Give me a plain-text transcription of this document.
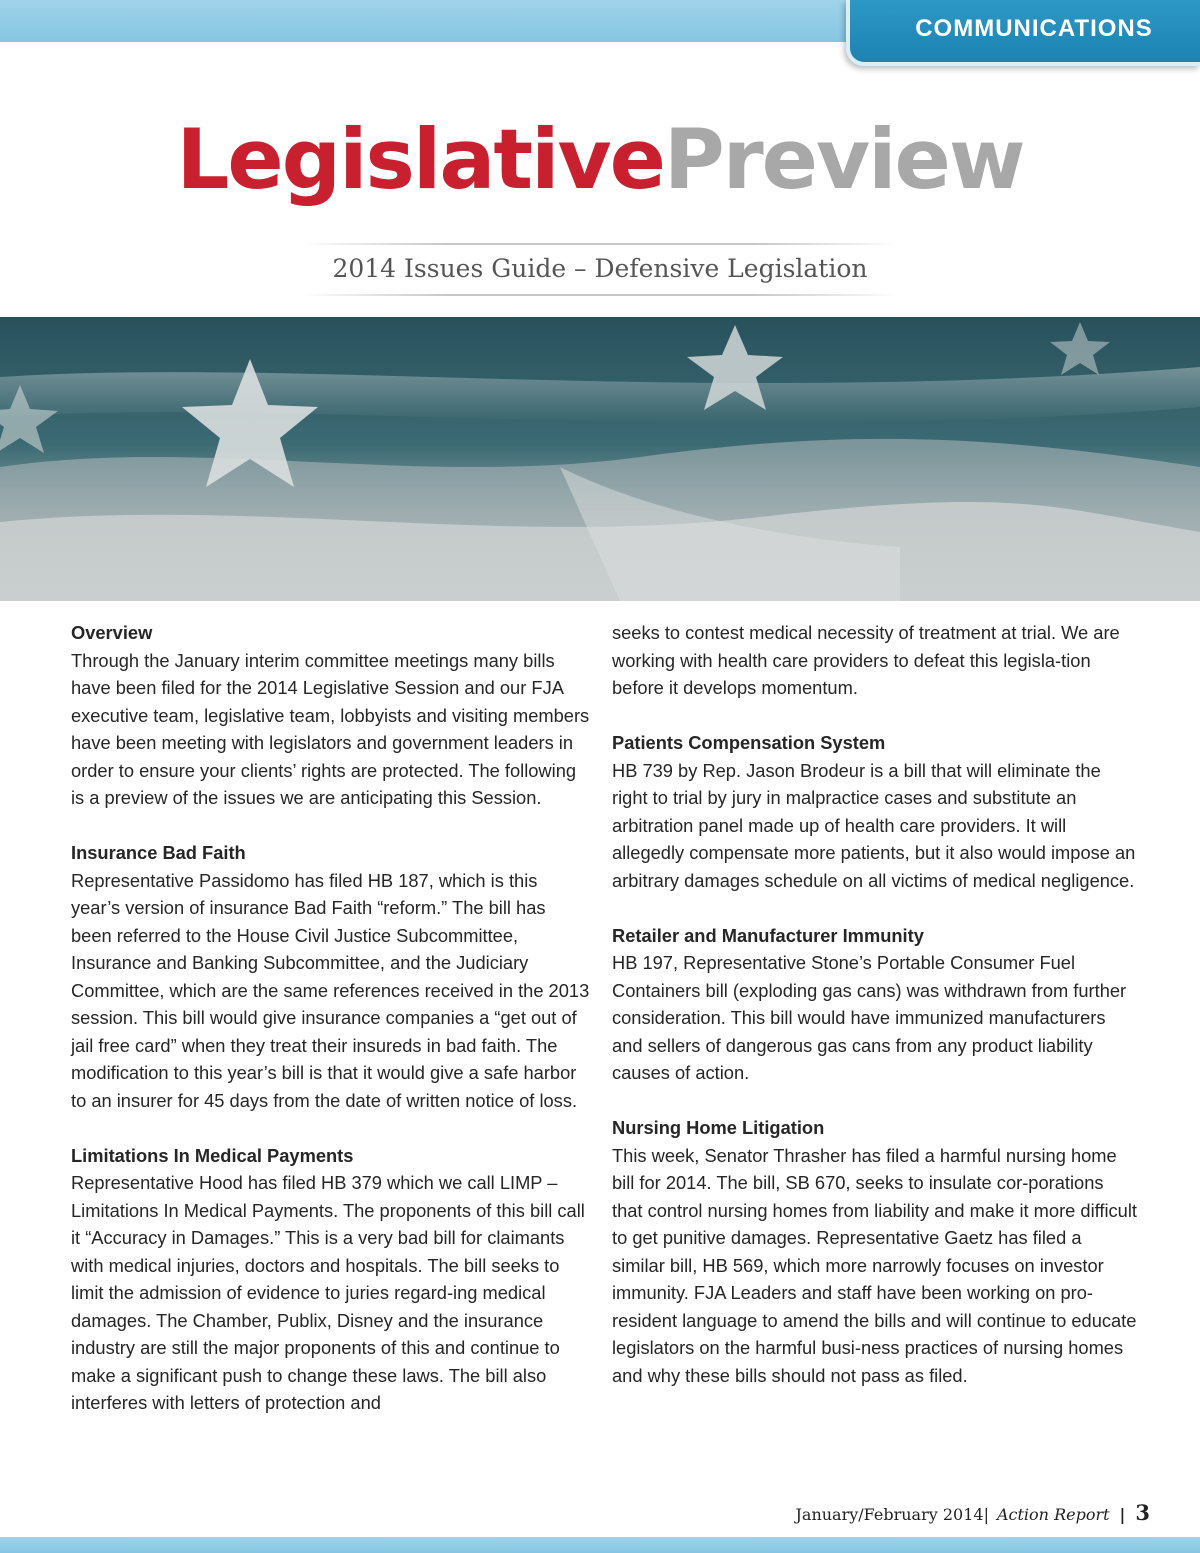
COMMUNICATIONS
LegislativePreview
2014 Issues Guide – Defensive Legislation
Overview

Through the January interim committee meetings many bills have been filed for the 2014 Legislative Session and our FJA executive team, legislative team, lobbyists and visiting members have been meeting with legislators and government leaders in order to ensure your clients’ rights are protected. The following is a preview of the issues we are anticipating this Session.

Insurance Bad Faith

Representative Passidomo has filed HB 187, which is this year’s version of insurance Bad Faith “reform.” The bill has been referred to the House Civil Justice Subcommittee, Insurance and Banking Subcommittee, and the Judiciary Committee, which are the same references received in the 2013 session. This bill would give insurance companies a “get out of jail free card” when they treat their insureds in bad faith. The modification to this year’s bill is that it would give a safe harbor to an insurer for 45 days from the date of written notice of loss.

Limitations In Medical Payments

Representative Hood has filed HB 379 which we call LIMP – Limitations In Medical Payments. The proponents of this bill call it “Accuracy in Damages.” This is a very bad bill for claimants with medical injuries, doctors and hospitals. The bill seeks to limit the admission of evidence to juries regard-ing medical damages. The Chamber, Publix, Disney and the insurance industry are still the major proponents of this and continue to make a significant push to change these laws. The bill also interferes with letters of protection and

seeks to contest medical necessity of treatment at trial. We are working with health care providers to defeat this legisla-tion before it develops momentum.

Patients Compensation System

HB 739 by Rep. Jason Brodeur is a bill that will eliminate the right to trial by jury in malpractice cases and substitute an arbitration panel made up of health care providers. It will allegedly compensate more patients, but it also would impose an arbitrary damages schedule on all victims of medical negligence.

Retailer and Manufacturer Immunity

HB 197, Representative Stone’s Portable Consumer Fuel Containers bill (exploding gas cans) was withdrawn from further consideration. This bill would have immunized manufacturers and sellers of dangerous gas cans from any product liability causes of action.

Nursing Home Litigation

This week, Senator Thrasher has filed a harmful nursing home bill for 2014. The bill, SB 670, seeks to insulate cor-porations that control nursing homes from liability and make it more difficult to get punitive damages. Representative Gaetz has filed a similar bill, HB 569, which more narrowly focuses on investor immunity. FJA Leaders and staff have been working on pro-resident language to amend the bills and will continue to educate legislators on the harmful busi-ness practices of nursing homes and why these bills should not pass as filed.

January/February 2014 | Action Report | 3
